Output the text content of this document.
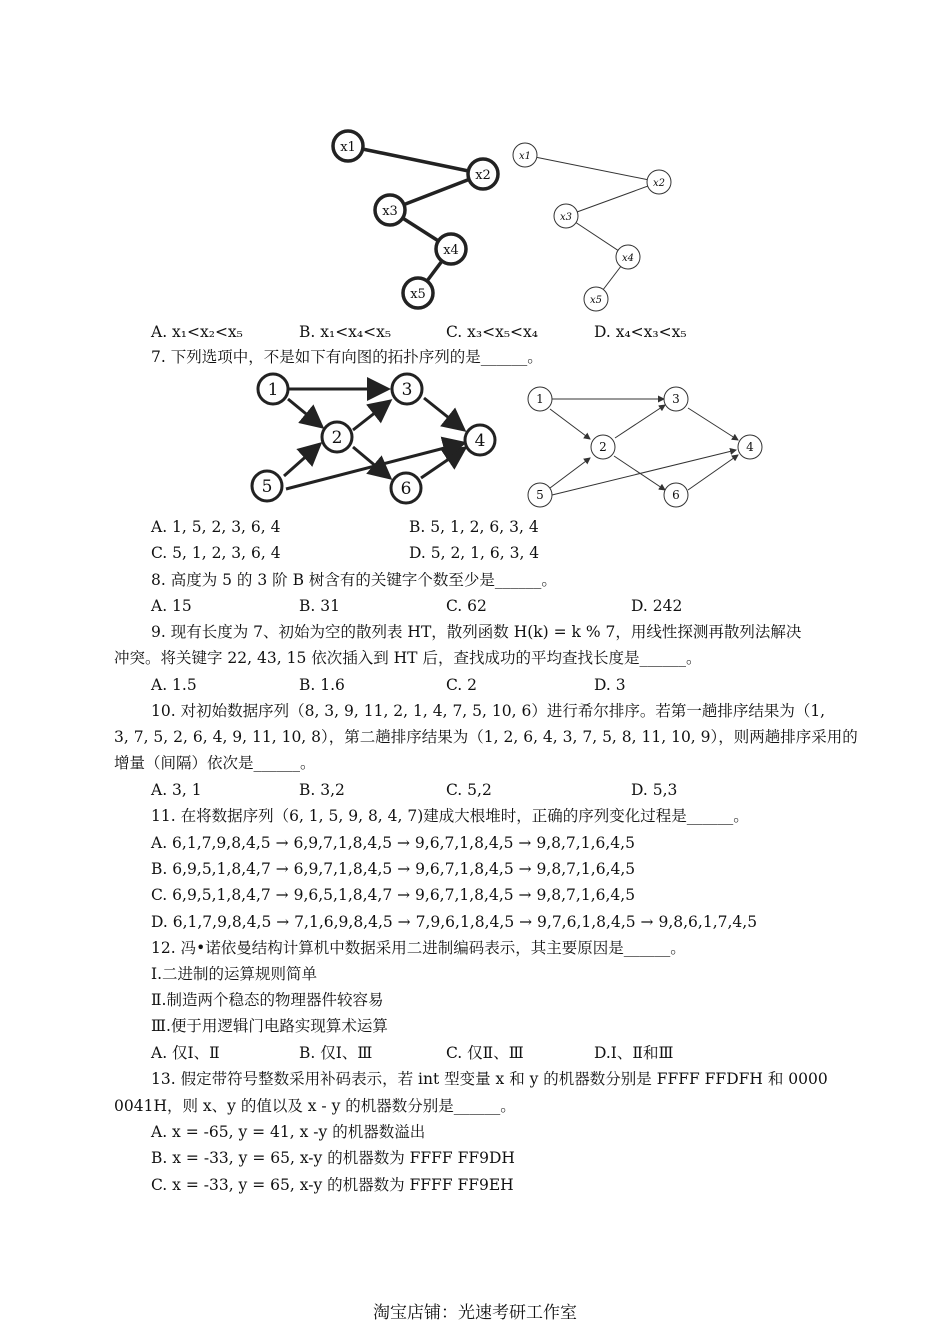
x1
x2
x3
x4
x5
x1
x2
x3
x4
x5
A. x₁<x₂<x₅	B. x₁<x₄<x₅	C. x₃<x₅<x₄	D. x₄<x₃<x₅
7. 下列选项中，不是如下有向图的拓扑序列的是______。
1
2
3
4
5	6
1
2
3
4
5	6
A. 1, 5, 2, 3, 6, 4	B. 5, 1, 2, 6, 3, 4
C. 5, 1, 2, 3, 6, 4	D. 5, 2, 1, 6, 3, 4
8. 高度为 5 的 3 阶 B 树含有的关键字个数至少是______。
A. 15	B. 31	C. 62	D. 242
9. 现有长度为 7、初始为空的散列表 HT，散列函数 H(k) = k % 7，用线性探测再散列法解决
冲突。将关键字 22, 43, 15 依次插入到 HT 后，查找成功的平均查找长度是______。
A. 1.5	B. 1.6	C. 2	D. 3
10. 对初始数据序列（8, 3, 9, 11, 2, 1, 4, 7, 5, 10, 6）进行希尔排序。若第一趟排序结果为（1,
3, 7, 5, 2, 6, 4, 9, 11, 10, 8），第二趟排序结果为（1, 2, 6, 4, 3, 7, 5, 8, 11, 10, 9），则两趟排序采用的
增量（间隔）依次是______。
A. 3, 1	B. 3,2	C. 5,2	D. 5,3
11. 在将数据序列（6, 1, 5, 9, 8, 4, 7)建成大根堆时，正确的序列变化过程是______。
A. 6,1,7,9,8,4,5 → 6,9,7,1,8,4,5 → 9,6,7,1,8,4,5 → 9,8,7,1,6,4,5
B. 6,9,5,1,8,4,7 → 6,9,7,1,8,4,5 → 9,6,7,1,8,4,5 → 9,8,7,1,6,4,5
C. 6,9,5,1,8,4,7 → 9,6,5,1,8,4,7 → 9,6,7,1,8,4,5 → 9,8,7,1,6,4,5
D. 6,1,7,9,8,4,5 → 7,1,6,9,8,4,5 → 7,9,6,1,8,4,5 → 9,7,6,1,8,4,5 → 9,8,6,1,7,4,5
12. 冯•诺依曼结构计算机中数据采用二进制编码表示，其主要原因是______。
Ⅰ.二进制的运算规则简单
Ⅱ.制造两个稳态的物理器件较容易
Ⅲ.便于用逻辑门电路实现算术运算
A. 仅Ⅰ、Ⅱ	B. 仅Ⅰ、Ⅲ	C. 仅Ⅱ、Ⅲ	D.Ⅰ、Ⅱ和Ⅲ
13. 假定带符号整数采用补码表示，若 int 型变量 x 和 y 的机器数分别是 FFFF FFDFH 和 0000
0041H，则 x、y 的值以及 x - y 的机器数分别是______。
A. x = -65, y = 41, x -y 的机器数溢出
B. x = -33, y = 65, x-y 的机器数为 FFFF FF9DH
C. x = -33, y = 65, x-y 的机器数为 FFFF FF9EH
淘宝店铺：光速考研工作室
